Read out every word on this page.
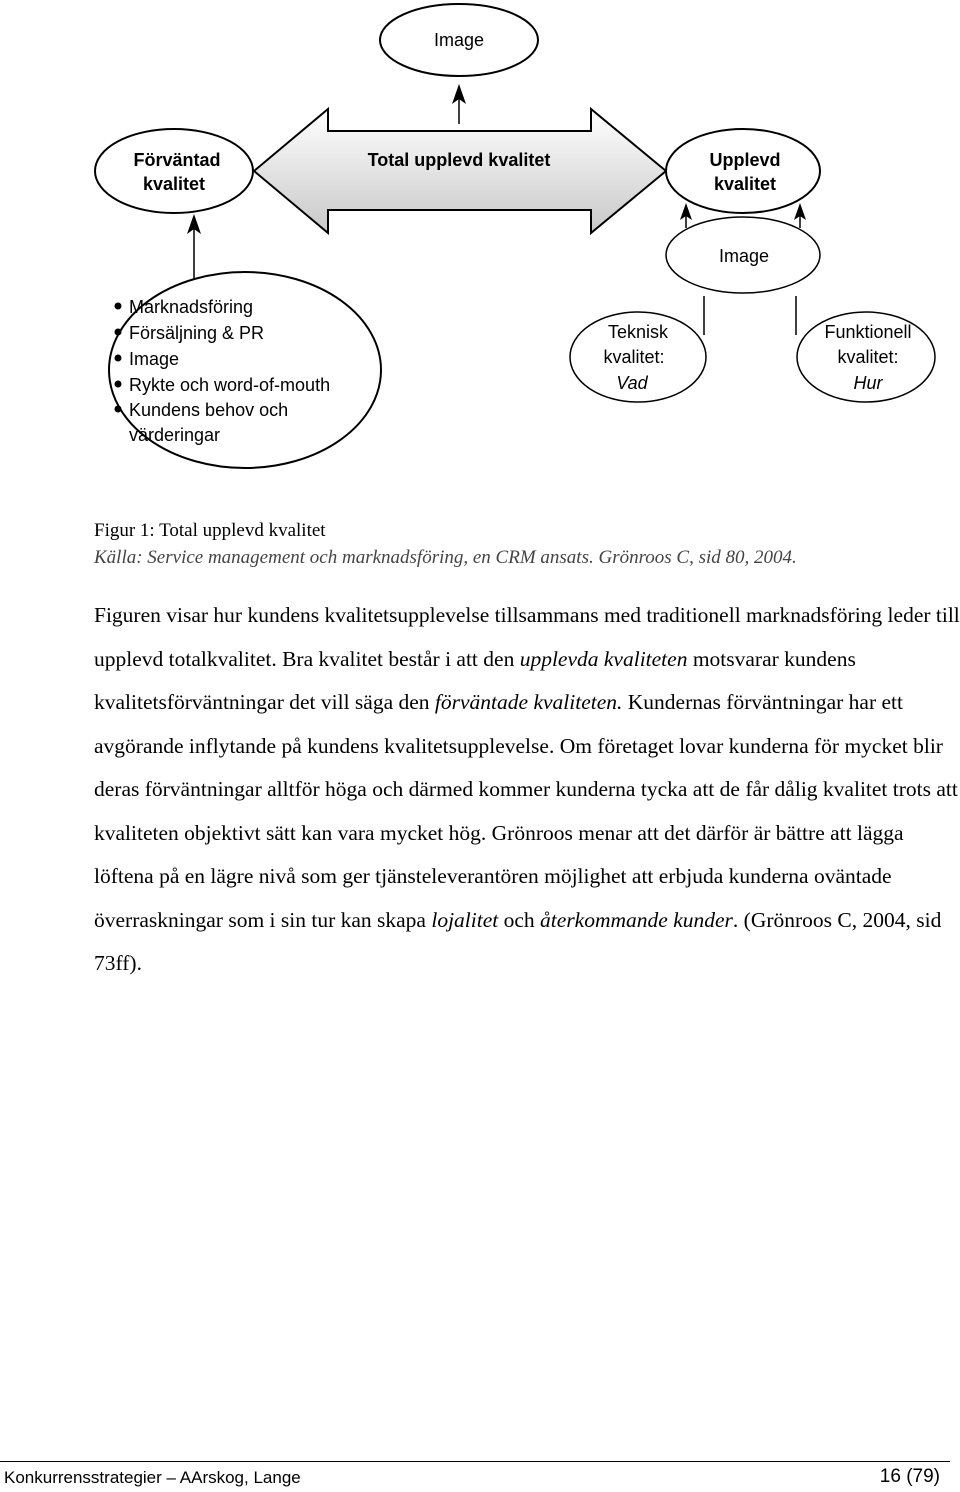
Image
Förväntad
kvalitet
Total upplevd kvalitet	Upplevd
kvalitet
Image
Teknisk
kvalitet:
Vad
Funktionell
kvalitet:
Hur
Marknadsföring
Försäljning & PR
Image
Rykte och word-of-mouth
Kundens behov och
värderingar
Figur 1: Total upplevd kvalitet
Källa: Service management och marknadsföring, en CRM ansats. Grönroos C, sid 80, 2004.

Figuren visar hur kundens kvalitetsupplevelse tillsammans med traditionell marknadsföring leder till upplevd totalkvalitet. Bra kvalitet består i att den upplevda kvaliteten motsvarar kundens kvalitetsförväntningar det vill säga den förväntade kvaliteten. Kundernas förväntningar har ett avgörande inflytande på kundens kvalitetsupplevelse. Om företaget lovar kunderna för mycket blir deras förväntningar alltför höga och därmed kommer kunderna tycka att de får dålig kvalitet trots att kvaliteten objektivt sätt kan vara mycket hög. Grönroos menar att det därför är bättre att lägga löftena på en lägre nivå som ger tjänsteleverantören möjlighet att erbjuda kunderna oväntade överraskningar som i sin tur kan skapa lojalitet och återkommande kunder. (Grönroos C, 2004, sid 73ff).

Konkurrensstrategier – AArskog, Lange	16 (79)
